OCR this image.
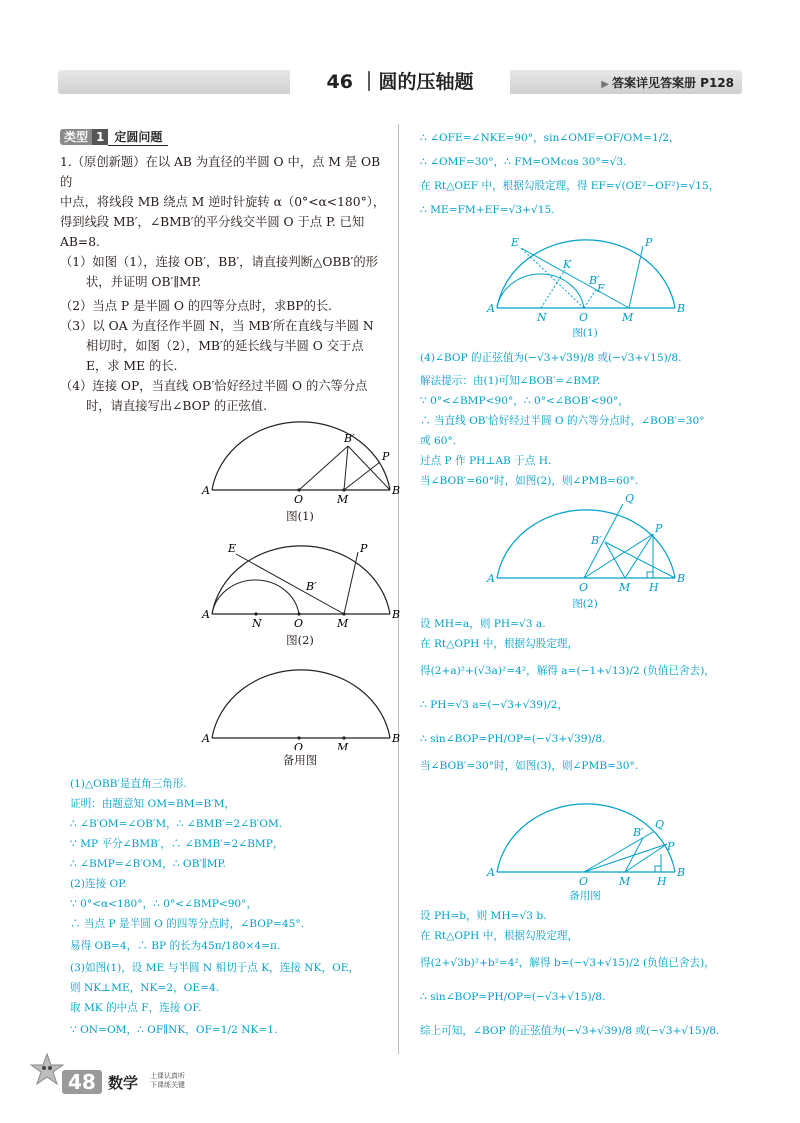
46 ｜圆的压轴题	▶ 答案详见答案册 P128
类型 1 定圆问题
1.（原创新题）在以 AB 为直径的半圆 O 中，点 M 是 OB 的
中点，将线段 MB 绕点 M 逆时针旋转 α（0°<α<180°），
得到线段 MB′，∠BMB′的平分线交半圆 O 于点 P. 已知
AB=8.
（1）如图（1），连接 OB′，BB′，请直接判断△OBB′的形
状，并证明 OB′∥MP.
（2）当点 P 是半圆 O 的四等分点时，求BP的长.
（3）以 OA 为直径作半圆 N，当 MB′所在直线与半圆 N
相切时，如图（2），MB′的延长线与半圆 O 交于点
E，求 ME 的长.
（4）连接 OP，当直线 OB′恰好经过半圆 O 的六等分点
时，请直接写出∠BOP 的正弦值.
A	B
O	M
P
B′
图(1)
A	B
E
N	O	M
P
B′
图(2)
A	B
O	M
备用图
(1)△OBB′是直角三角形.
证明：由题意知 OM=BM=B′M，
∴ ∠B′OM=∠OB′M，∴ ∠BMB′=2∠B′OM.
∵ MP 平分∠BMB′，∴ ∠BMB′=2∠BMP，
∴ ∠BMP=∠B′OM，∴ OB′∥MP.
(2)连接 OP.
∵ 0°<α<180°，∴ 0°<∠BMP<90°，
∴ 当点 P 是半圆 O 的四等分点时，∠BOP=45°.
易得 OB=4，∴ BP 的长为45π/180×4=π.
(3)如图(1)，设 ME 与半圆 N 相切于点 K，连接 NK，OE，
则 NK⊥ME，NK=2，OE=4.
取 MK 的中点 F，连接 OF.
∵ ON=OM，∴ OF∥NK，OF=1/2 NK=1.
∴ ∠OFE=∠NKE=90°，sin∠OMF=OF/OM=1/2，
∴ ∠OMF=30°，∴ FM=OMcos 30°=√3.
在 Rt△OEF 中，根据勾股定理，得 EF=√(OE²−OF²)=√15，
∴ ME=FM+EF=√3+√15.
A	B
E
K
B′
F
N	O	M
P
图(1)
(4)∠BOP 的正弦值为(−√3+√39)/8 或(−√3+√15)/8.
解法提示：由(1)可知∠BOB′=∠BMP.
∵ 0°<∠BMP<90°，∴ 0°<∠BOB′<90°，
∴ 当直线 OB′恰好经过半圆 O 的六等分点时，∠BOB′=30°
或 60°.
过点 P 作 PH⊥AB 于点 H.
当∠BOB′=60°时，如图(2)，则∠PMB=60°.
A	B
O	M H
Q
P
B′
图(2)
设 MH=a，则 PH=√3 a.
在 Rt△OPH 中，根据勾股定理，
得(2+a)²+(√3a)²=4²，解得 a=(−1+√13)/2 (负值已舍去)，
∴ PH=√3 a=(−√3+√39)/2，
∴ sin∠BOP=PH/OP=(−√3+√39)/8.
当∠BOB′=30°时，如图(3)，则∠PMB=30°.
A	B
O	M H
Q
P
B′
备用图
设 PH=b，则 MH=√3 b.
在 Rt△OPH 中，根据勾股定理，
得(2+√3b)²+b²=4²，解得 b=(−√3+√15)/2 (负值已舍去)，
∴ sin∠BOP=PH/OP=(−√3+√15)/8.
综上可知，∠BOP 的正弦值为(−√3+√39)/8 或(−√3+√15)/8.
48 数学 上课认真听
下课练关键
